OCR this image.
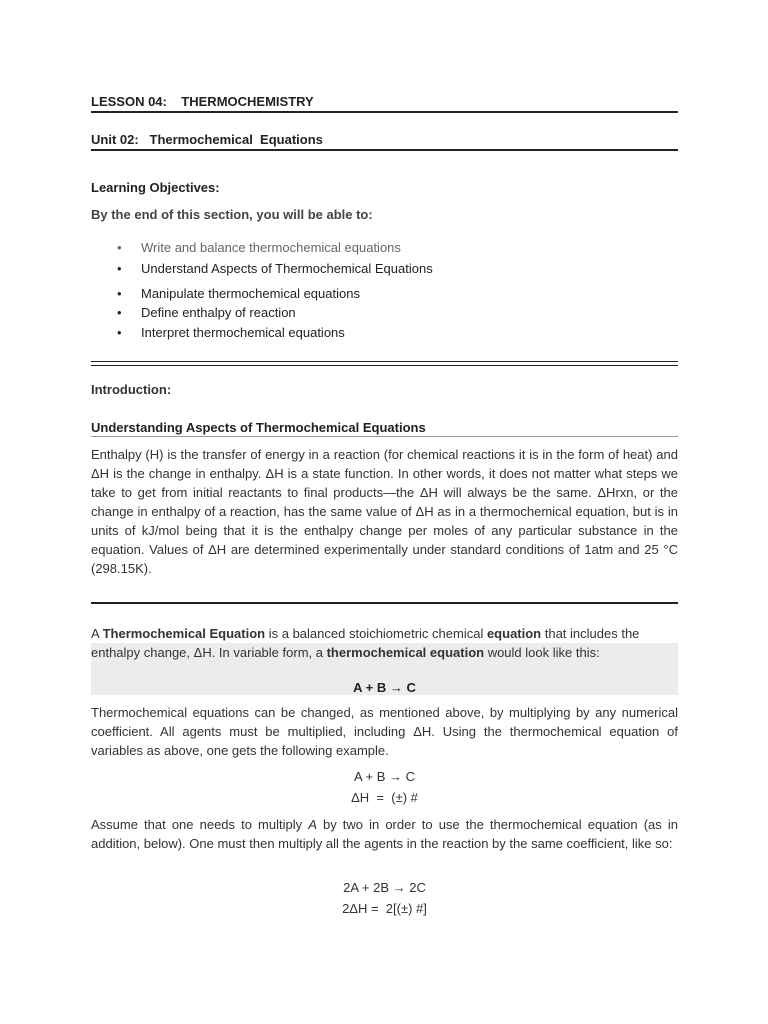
LESSON 04:    THERMOCHEMISTRY
Unit 02:   Thermochemical  Equations
Learning Objectives:
By the end of this section, you will be able to:
• Write and balance thermochemical equations
• Understand Aspects of Thermochemical Equations
• Manipulate thermochemical equations
• Define enthalpy of reaction
• Interpret thermochemical equations
Introduction:
Understanding Aspects of Thermochemical Equations
Enthalpy (H) is the transfer of energy in a reaction (for chemical reactions it is in the form of heat) and ΔH is the change in enthalpy. ΔH is a state function. In other words, it does not matter what steps we take to get from initial reactants to final products—the ΔH will always be the same. ΔHrxn, or the change in enthalpy of a reaction, has the same value of ΔH as in a thermochemical equation, but is in units of kJ/mol being that it is the enthalpy change per moles of any particular substance in the equation. Values of ΔH are determined experimentally under standard conditions of 1atm and 25 °C (298.15K).
A Thermochemical Equation is a balanced stoichiometric chemical equation that includes the
enthalpy change, ΔH. In variable form, a thermochemical equation would look like this:
A + B → C
Thermochemical equations can be changed, as mentioned above, by multiplying by any numerical coefficient. All agents must be multiplied, including ΔH. Using the thermochemical equation of variables as above, one gets the following example.
A + B → C
ΔH  =  (±) #
Assume that one needs to multiply A by two in order to use the thermochemical equation (as in addition, below). One must then multiply all the agents in the reaction by the same coefficient, like so:
2A + 2B → 2C
2ΔH =  2[(±) #]
